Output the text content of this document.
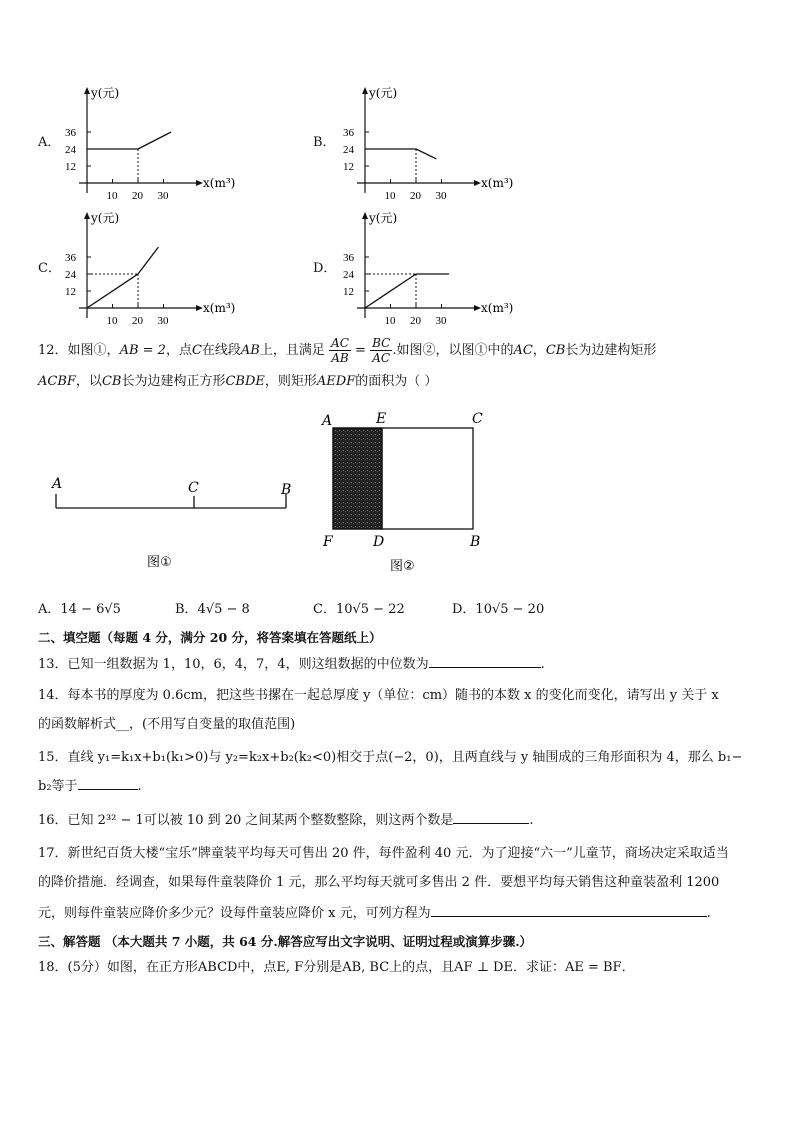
A．
y(元)
x(m³)
36
24
12
10 20 30
B．
y(元)
x(m³)
36
24
12
10 20 30
C．
y(元)
x(m³)
36
24
12
10 20 30
D．
y(元)
x(m³)
36
24
12
10 20 30
12．如图①，AB = 2，点C在线段AB上，且满足 $\frac{AC}{AB} = \frac{BC}{AC}$ .如图②，以图①中的AC，CB长为边建构矩形
ACBF，以CB长为边建构正方形CBDE，则矩形AEDF的面积为（ ）
A	C	B
图①
A	E	C
F	D	B
图②
A．14 − 6√5	B．4√5 − 8	C．10√5 − 22	D．10√5 − 20
二、填空题（每题 4 分，满分 20 分，将答案填在答题纸上）
13．已知一组数据为 1，10，6，4，7，4，则这组数据的中位数为	.
14．每本书的厚度为 0.6cm，把这些书摞在一起总厚度 y（单位：cm）随书的本数 x 的变化而变化，请写出 y 关于 x
的函数解析式__，(不用写自变量的取值范围)
15．直线 y₁=k₁x+b₁(k₁>0)与 y₂=k₂x+b₂(k₂<0)相交于点(−2，0)，且两直线与 y 轴围成的三角形面积为 4，那么 b₁−
b₂等于	.
16．已知 2³² − 1可以被 10 到 20 之间某两个整数整除，则这两个数是	.
17．新世纪百货大楼“宝乐”牌童装平均每天可售出 20 件，每件盈利 40 元．为了迎接“六一”儿童节，商场决定采取适当
的降价措施．经调查，如果每件童装降价 1 元，那么平均每天就可多售出 2 件．要想平均每天销售这种童装盈利 1200
元，则每件童装应降价多少元？设每件童装应降价 x 元，可列方程为	.
三、解答题 （本大题共 7 小题，共 64 分.解答应写出文字说明、证明过程或演算步骤.）
18．(5分）如图，在正方形ABCD中，点E, F分别是AB, BC上的点，且AF ⊥ DE．求证：AE = BF．
